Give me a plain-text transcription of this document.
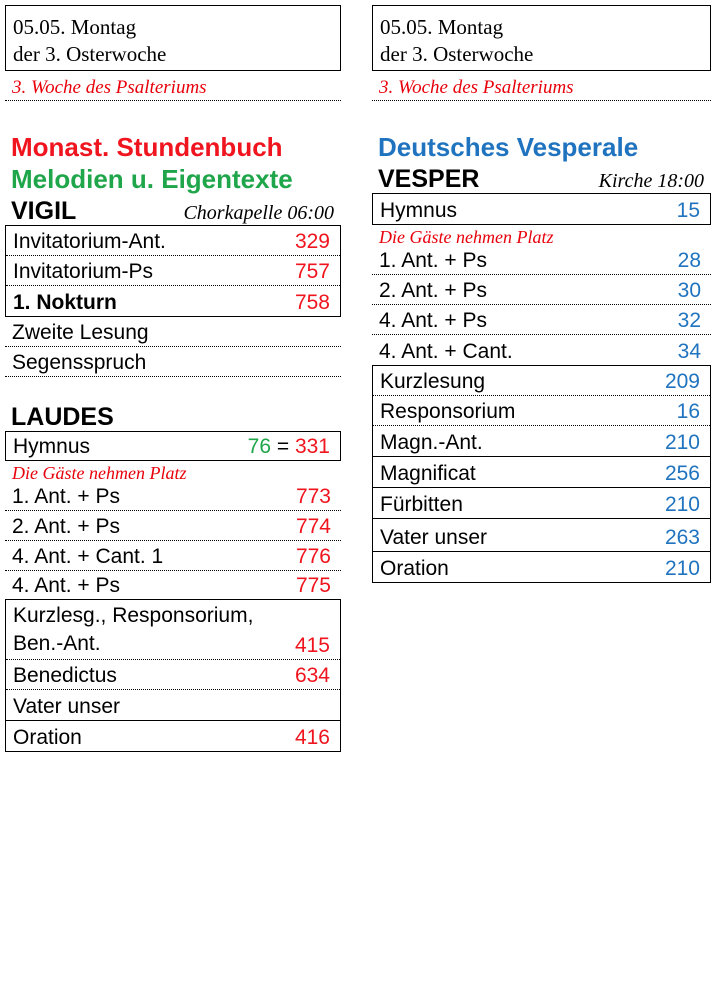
05.05. Montag
der 3. Osterwoche
3. Woche des Psalteriums
Monast. Stundenbuch
Melodien u. Eigentexte
VIGIL	Chorkapelle 06:00
Invitatorium-Ant.	329
Invitatorium-Ps	757
1. Nokturn	758
Zweite Lesung
Segensspruch
LAUDES
Hymnus	76 = 331
Die Gäste nehmen Platz
1. Ant. + Ps	773
2. Ant. + Ps	774
4. Ant. + Cant. 1	776
4. Ant. + Ps	775
Kurzlesg., Responsorium,
Ben.-Ant.	415
Benedictus	634
Vater unser
Oration	416
05.05. Montag
der 3. Osterwoche
3. Woche des Psalteriums
Deutsches Vesperale
VESPER	Kirche 18:00
Hymnus	15
Die Gäste nehmen Platz
1. Ant. + Ps	28
2. Ant. + Ps	30
4. Ant. + Ps	32
4. Ant. + Cant.	34
Kurzlesung	209
Responsorium	16
Magn.-Ant.	210
Magnificat	256
Fürbitten	210
Vater unser	263
Oration	210
